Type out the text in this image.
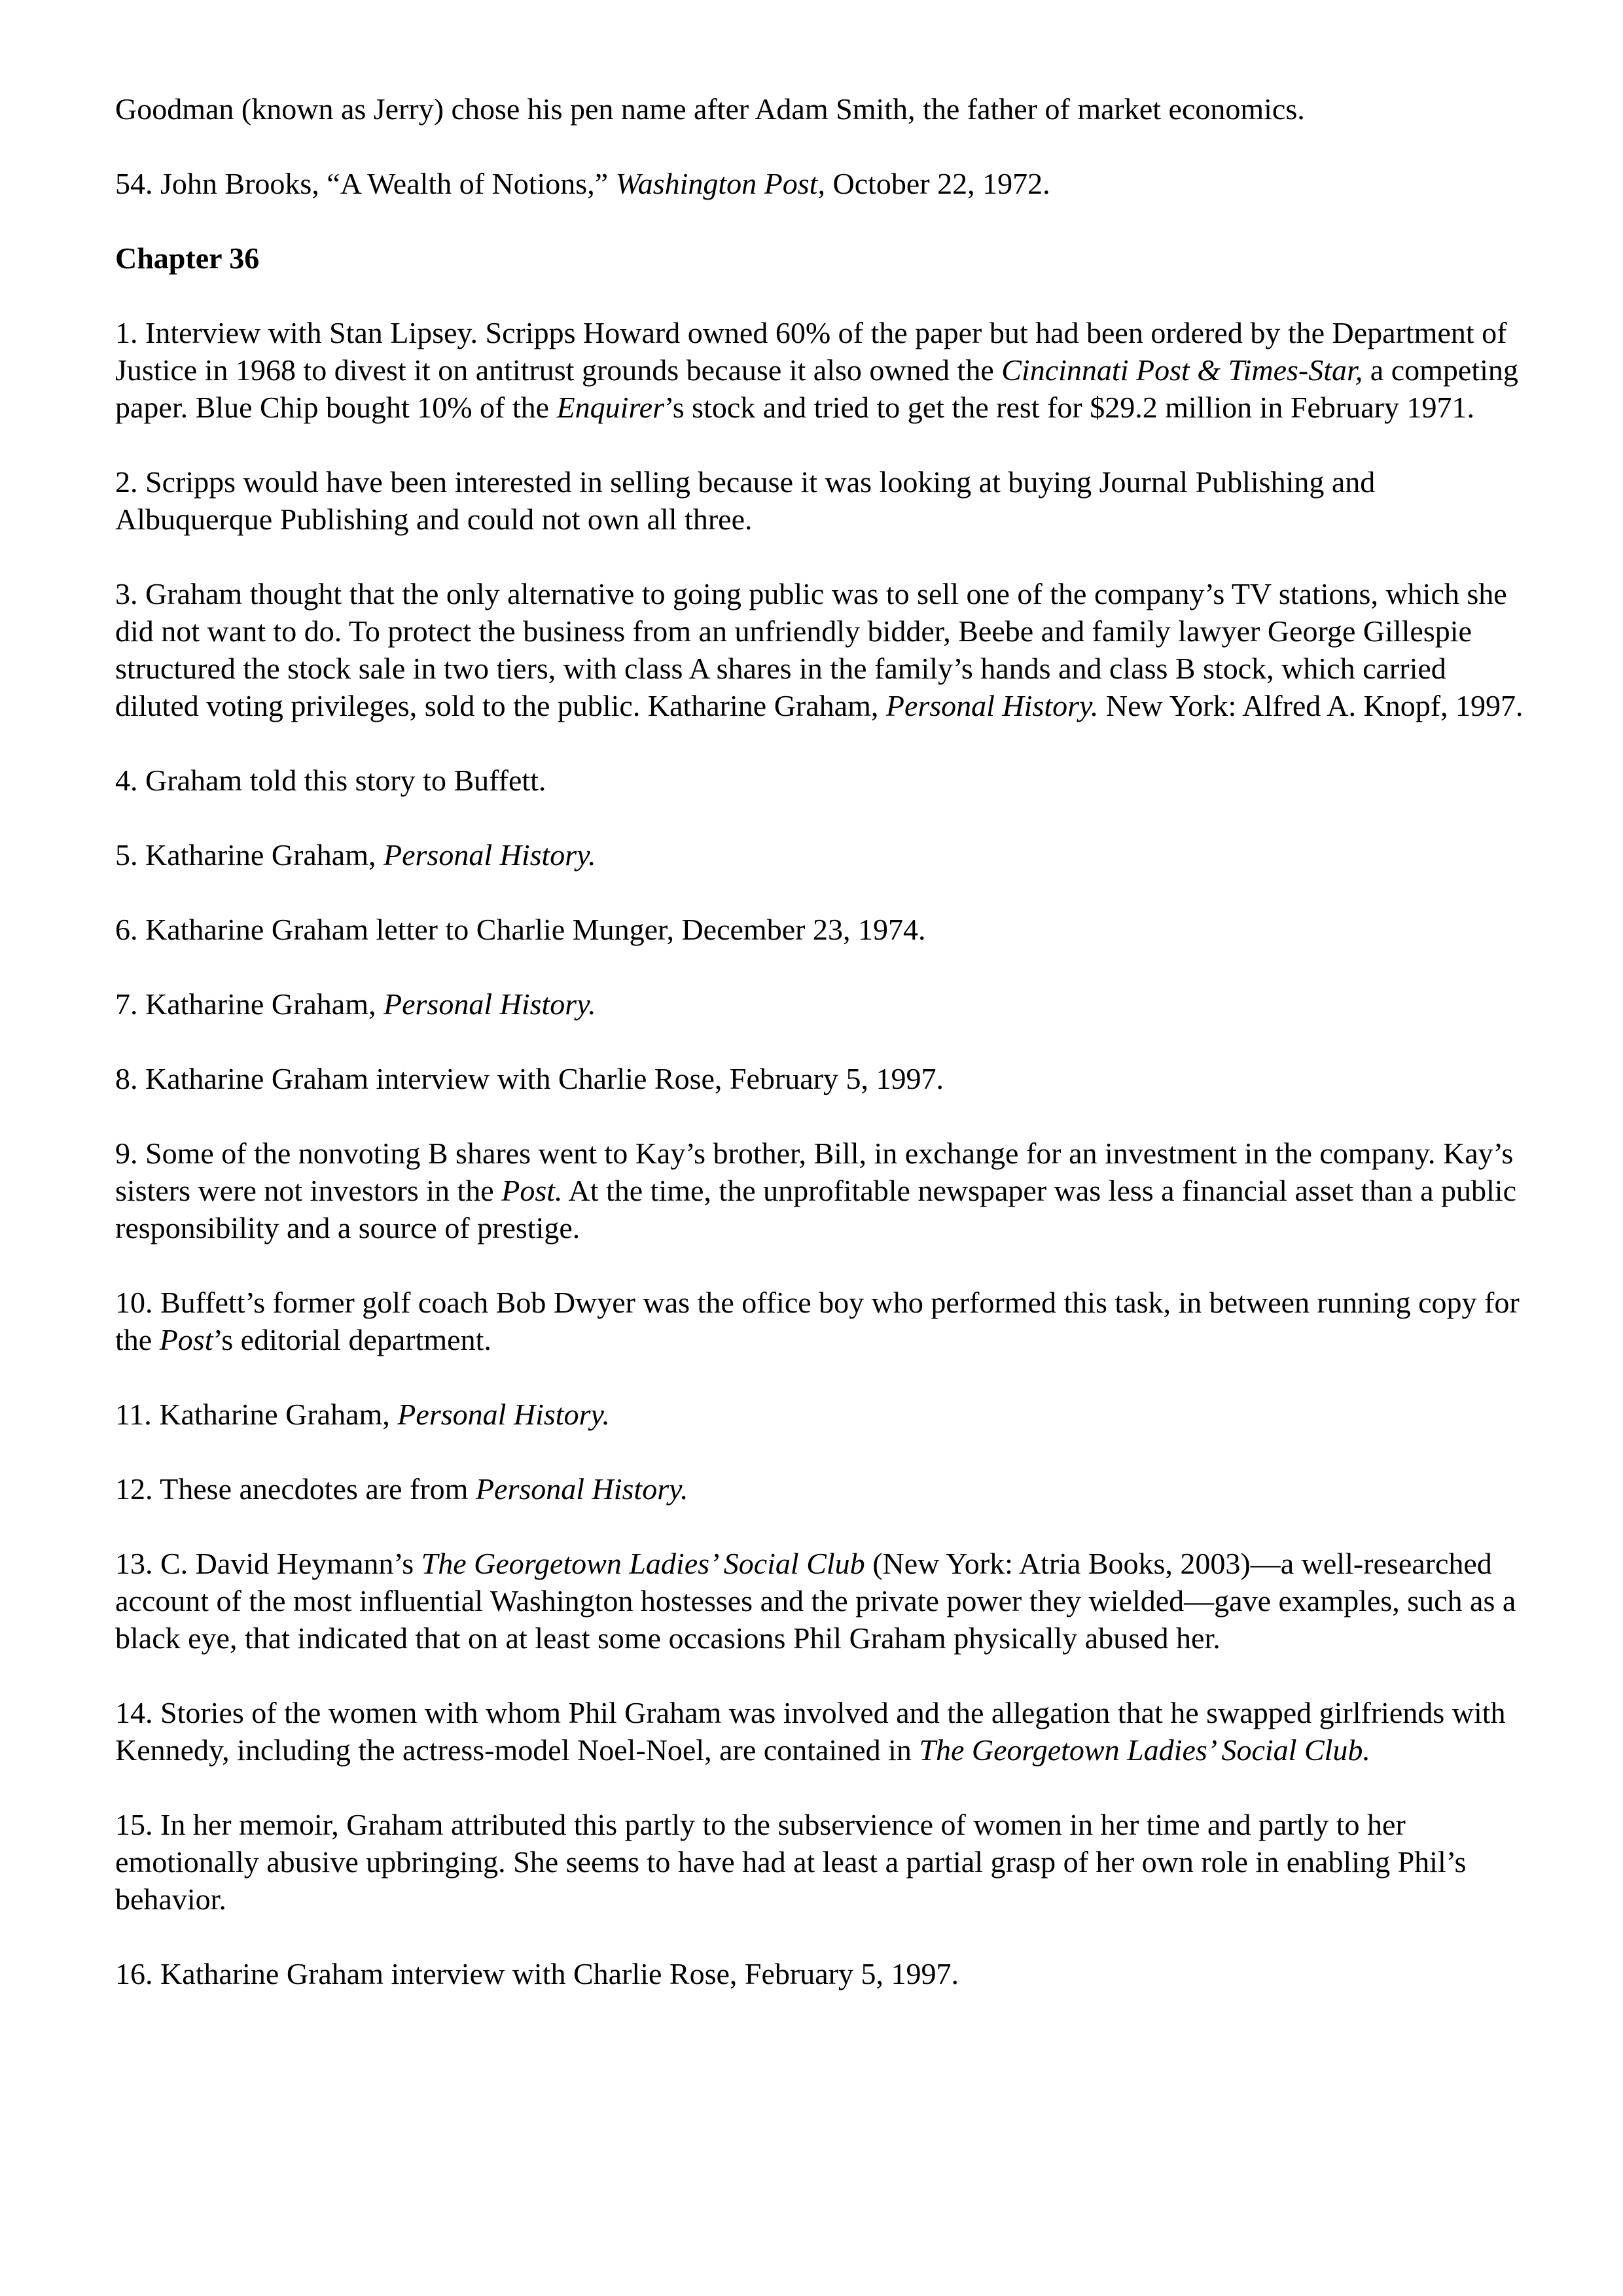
Goodman (known as Jerry) chose his pen name after Adam Smith, the father of market economics.

54. John Brooks, “A Wealth of Notions,” Washington Post, October 22, 1972.

Chapter 36

1. Interview with Stan Lipsey. Scripps Howard owned 60% of the paper but had been ordered by the Department of Justice in 1968 to divest it on antitrust grounds because it also owned the Cincinnati Post & Times-Star, a competing paper. Blue Chip bought 10% of the Enquirer’s stock and tried to get the rest for $29.2 million in February 1971.

2. Scripps would have been interested in selling because it was looking at buying Journal Publishing and Albuquerque Publishing and could not own all three.

3. Graham thought that the only alternative to going public was to sell one of the company’s TV stations, which she did not want to do. To protect the business from an unfriendly bidder, Beebe and family lawyer George Gillespie structured the stock sale in two tiers, with class A shares in the family’s hands and class B stock, which carried diluted voting privileges, sold to the public. Katharine Graham, Personal History. New York: Alfred A. Knopf, 1997.

4. Graham told this story to Buffett.

5. Katharine Graham, Personal History.

6. Katharine Graham letter to Charlie Munger, December 23, 1974.

7. Katharine Graham, Personal History.

8. Katharine Graham interview with Charlie Rose, February 5, 1997.

9. Some of the nonvoting B shares went to Kay’s brother, Bill, in exchange for an investment in the company. Kay’s sisters were not investors in the Post. At the time, the unprofitable newspaper was less a financial asset than a public responsibility and a source of prestige.

10. Buffett’s former golf coach Bob Dwyer was the office boy who performed this task, in between running copy for the Post’s editorial department.

11. Katharine Graham, Personal History.

12. These anecdotes are from Personal History.

13. C. David Heymann’s The Georgetown Ladies’ Social Club (New York: Atria Books, 2003)—a well-researched account of the most influential Washington hostesses and the private power they wielded—gave examples, such as a black eye, that indicated that on at least some occasions Phil Graham physically abused her.

14. Stories of the women with whom Phil Graham was involved and the allegation that he swapped girlfriends with Kennedy, including the actress-model Noel-Noel, are contained in The Georgetown Ladies’ Social Club.

15. In her memoir, Graham attributed this partly to the subservience of women in her time and partly to her emotionally abusive upbringing. She seems to have had at least a partial grasp of her own role in enabling Phil’s behavior.

16. Katharine Graham interview with Charlie Rose, February 5, 1997.
